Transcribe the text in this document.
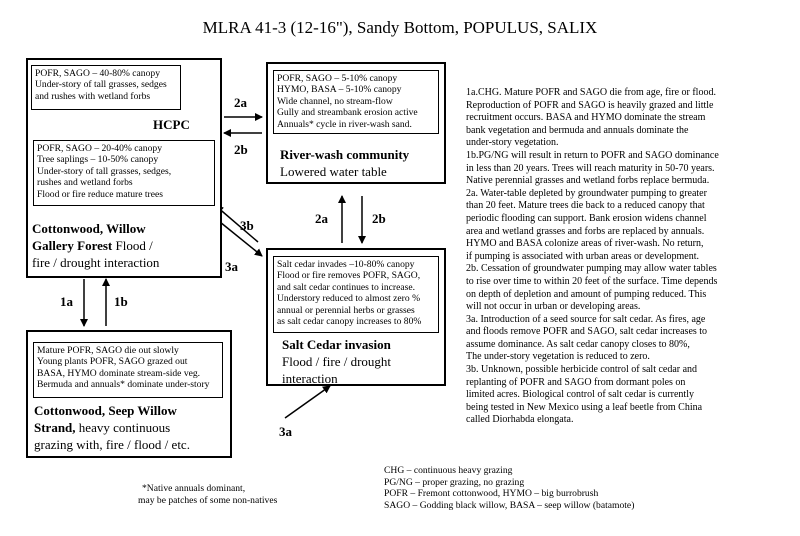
MLRA 41-3 (12-16"), Sandy Bottom, POPULUS, SALIX
POFR, SAGO – 40-80% canopy
Under-story of tall grasses, sedges
and rushes with wetland forbs
HCPC
POFR, SAGO – 20-40% canopy
Tree saplings – 10-50% canopy
Under-story of tall grasses, sedges,
rushes and wetland forbs
Flood or fire reduce mature trees
Cottonwood, Willow
Gallery Forest Flood /
fire / drought interaction
POFR, SAGO – 5-10% canopy
HYMO, BASA – 5-10% canopy
Wide channel, no stream-flow
Gully and streambank erosion active
Annuals* cycle in river-wash sand.
River-wash community
Lowered water table
Salt cedar invades –10-80% canopy
Flood or fire removes POFR, SAGO,
and salt cedar continues to increase.
Understory reduced to almost zero %
annual or perennial herbs or grasses
as salt cedar canopy increases to 80%
Salt Cedar invasion
Flood / fire / drought
interaction
Mature POFR, SAGO die out slowly
Young plants POFR, SAGO grazed out
BASA, HYMO dominate stream-side veg.
Bermuda and annuals* dominate under-story
Cottonwood, Seep Willow
Strand, heavy continuous
grazing with, fire / flood / etc.
2a
2b
2a	2b
3b
3a
1a	1b
3a
1a.CHG. Mature POFR and SAGO die from age, fire or flood.
Reproduction of POFR and SAGO is heavily grazed and little
recruitment occurs. BASA and HYMO dominate the stream
bank vegetation and bermuda and annuals dominate the
under-story vegetation.
1b.PG/NG will result in return to POFR and SAGO dominance
in less than 20 years. Trees will reach maturity in 50-70 years.
Native perennial grasses and wetland forbs replace bermuda.
2a. Water-table depleted by groundwater pumping to greater
than 20 feet. Mature trees die back to a reduced canopy that
periodic flooding can support. Bank erosion widens channel
area and wetland grasses and forbs are replaced by annuals.
HYMO and BASA colonize areas of river-wash. No return,
if pumping is associated with urban areas or development.
2b. Cessation of groundwater pumping may allow water tables
to rise over time to within 20 feet of the surface. Time depends
on depth of depletion and amount of pumping reduced. This
will not occur in urban or developing areas.
3a. Introduction of a seed source for salt cedar. As fires, age
and floods remove POFR and SAGO, salt cedar increases to
assume dominance. As salt cedar canopy closes to 80%,
The under-story vegetation is reduced to zero.
3b. Unknown, possible herbicide control of salt cedar and
replanting of POFR and SAGO from dormant poles on
limited acres. Biological control of salt cedar is currently
being tested in New Mexico using a leaf beetle from China
called Diorhabda elongata.
*Native annuals dominant,
may be patches of some non-natives
CHG – continuous heavy grazing
PG/NG – proper grazing, no grazing
POFR – Fremont cottonwood, HYMO – big burrobrush
SAGO – Godding black willow, BASA – seep willow (batamote)
